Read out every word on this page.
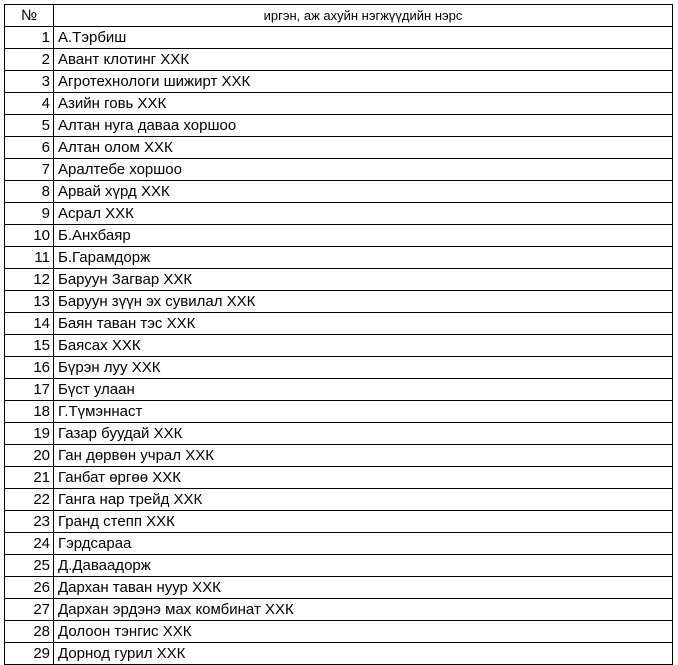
№	иргэн, аж ахуйн нэгжүүдийн нэрс
1	А.Тэрбиш
2	Авант клотинг ХХК
3	Агротехнологи шижирт ХХК
4	Азийн говь ХХК
5	Алтан нуга даваа хоршоо
6	Алтан олом ХХК
7	Аралтебе хоршоо
8	Арвай хүрд ХХК
9	Асрал ХХК
10	Б.Анхбаяр
11	Б.Гарамдорж
12	Баруун Загвар ХХК
13	Баруун зүүн эх сувилал ХХК
14	Баян таван тэс ХХК
15	Баясах ХХК
16	Бүрэн луу ХХК
17	Бүст улаан
18	Г.Түмэннаст
19	Газар буудай ХХК
20	Ган дөрвөн учрал ХХК
21	Ганбат өргөө ХХК
22	Ганга нар трейд ХХК
23	Гранд степп ХХК
24	Гэрдсараа
25	Д.Даваадорж
26	Дархан таван нуур ХХК
27	Дархан эрдэнэ мах комбинат ХХК
28	Долоон тэнгис ХХК
29	Дорнод гурил ХХК
